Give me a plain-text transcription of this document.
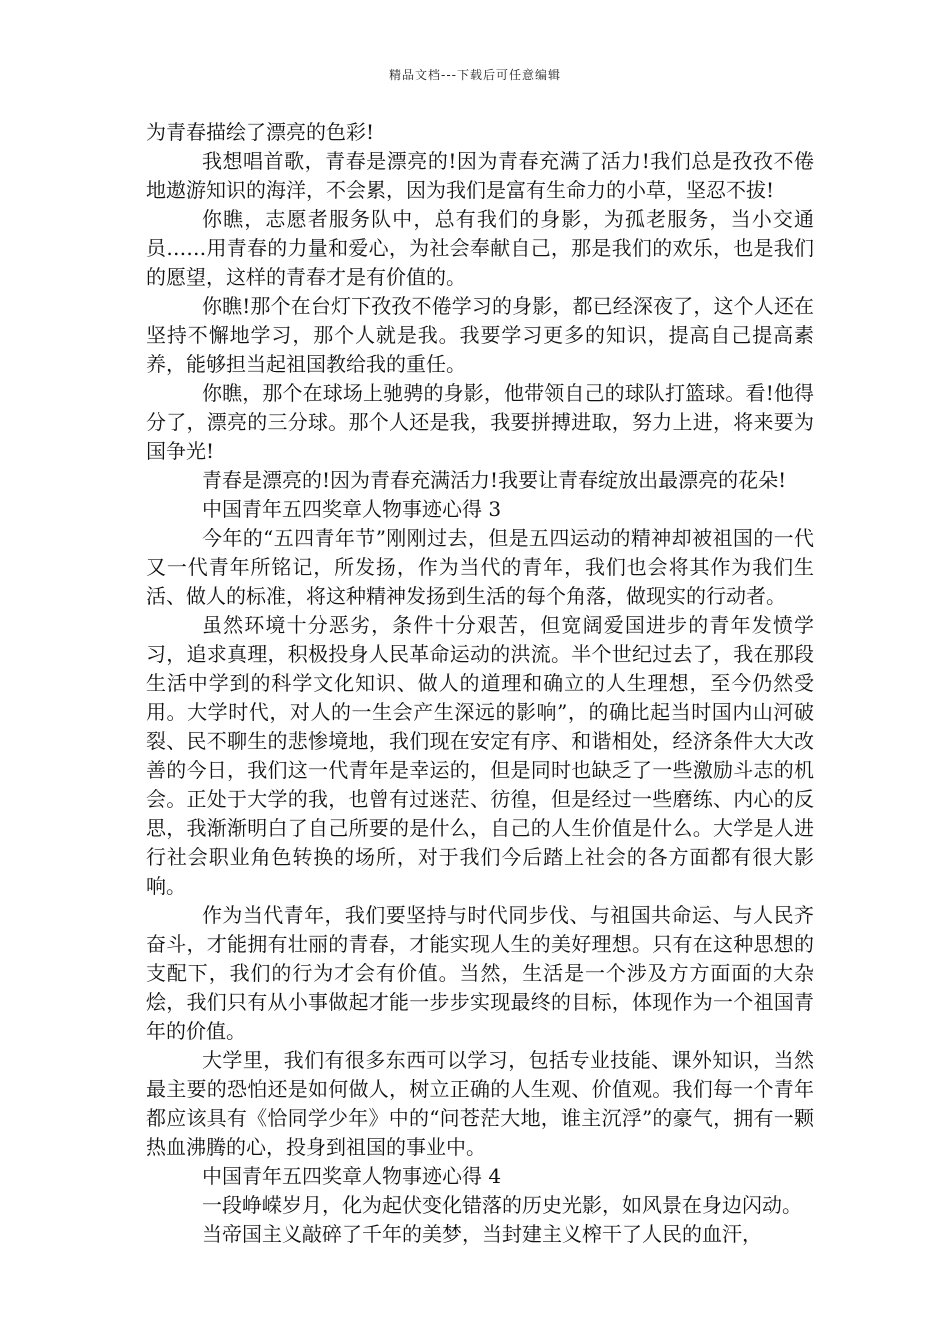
精品文档---下载后可任意编辑

为青春描绘了漂亮的色彩!

我想唱首歌，青春是漂亮的!因为青春充满了活力!我们总是孜孜不倦地遨游知识的海洋，不会累，因为我们是富有生命力的小草，坚忍不拔!

你瞧，志愿者服务队中，总有我们的身影，为孤老服务，当小交通员……用青春的力量和爱心，为社会奉献自己，那是我们的欢乐，也是我们的愿望，这样的青春才是有价值的。

你瞧!那个在台灯下孜孜不倦学习的身影，都已经深夜了，这个人还在坚持不懈地学习，那个人就是我。我要学习更多的知识，提高自己提高素养，能够担当起祖国教给我的重任。

你瞧，那个在球场上驰骋的身影，他带领自己的球队打篮球。看!他得分了，漂亮的三分球。那个人还是我，我要拼搏进取，努力上进，将来要为国争光!

青春是漂亮的!因为青春充满活力!我要让青春绽放出最漂亮的花朵!

中国青年五四奖章人物事迹心得 3

今年的“五四青年节”刚刚过去，但是五四运动的精神却被祖国的一代又一代青年所铭记，所发扬，作为当代的青年，我们也会将其作为我们生活、做人的标准，将这种精神发扬到生活的每个角落，做现实的行动者。

虽然环境十分恶劣，条件十分艰苦，但宽阔爱国进步的青年发愤学习，追求真理，积极投身人民革命运动的洪流。半个世纪过去了，我在那段生活中学到的科学文化知识、做人的道理和确立的人生理想，至今仍然受用。大学时代，对人的一生会产生深远的影响”，的确比起当时国内山河破裂、民不聊生的悲惨境地，我们现在安定有序、和谐相处，经济条件大大改善的今日，我们这一代青年是幸运的，但是同时也缺乏了一些激励斗志的机会。正处于大学的我，也曾有过迷茫、彷徨，但是经过一些磨练、内心的反思，我渐渐明白了自己所要的是什么，自己的人生价值是什么。大学是人进行社会职业角色转换的场所，对于我们今后踏上社会的各方面都有很大影响。

作为当代青年，我们要坚持与时代同步伐、与祖国共命运、与人民齐奋斗，才能拥有壮丽的青春，才能实现人生的美好理想。只有在这种思想的支配下，我们的行为才会有价值。当然，生活是一个涉及方方面面的大杂烩，我们只有从小事做起才能一步步实现最终的目标，体现作为一个祖国青年的价值。

大学里，我们有很多东西可以学习，包括专业技能、课外知识，当然最主要的恐怕还是如何做人，树立正确的人生观、价值观。我们每一个青年都应该具有《恰同学少年》中的“问苍茫大地，谁主沉浮”的豪气，拥有一颗热血沸腾的心，投身到祖国的事业中。

中国青年五四奖章人物事迹心得 4

一段峥嵘岁月，化为起伏变化错落的历史光影，如风景在身边闪动。

当帝国主义敲碎了千年的美梦，当封建主义榨干了人民的血汗，
